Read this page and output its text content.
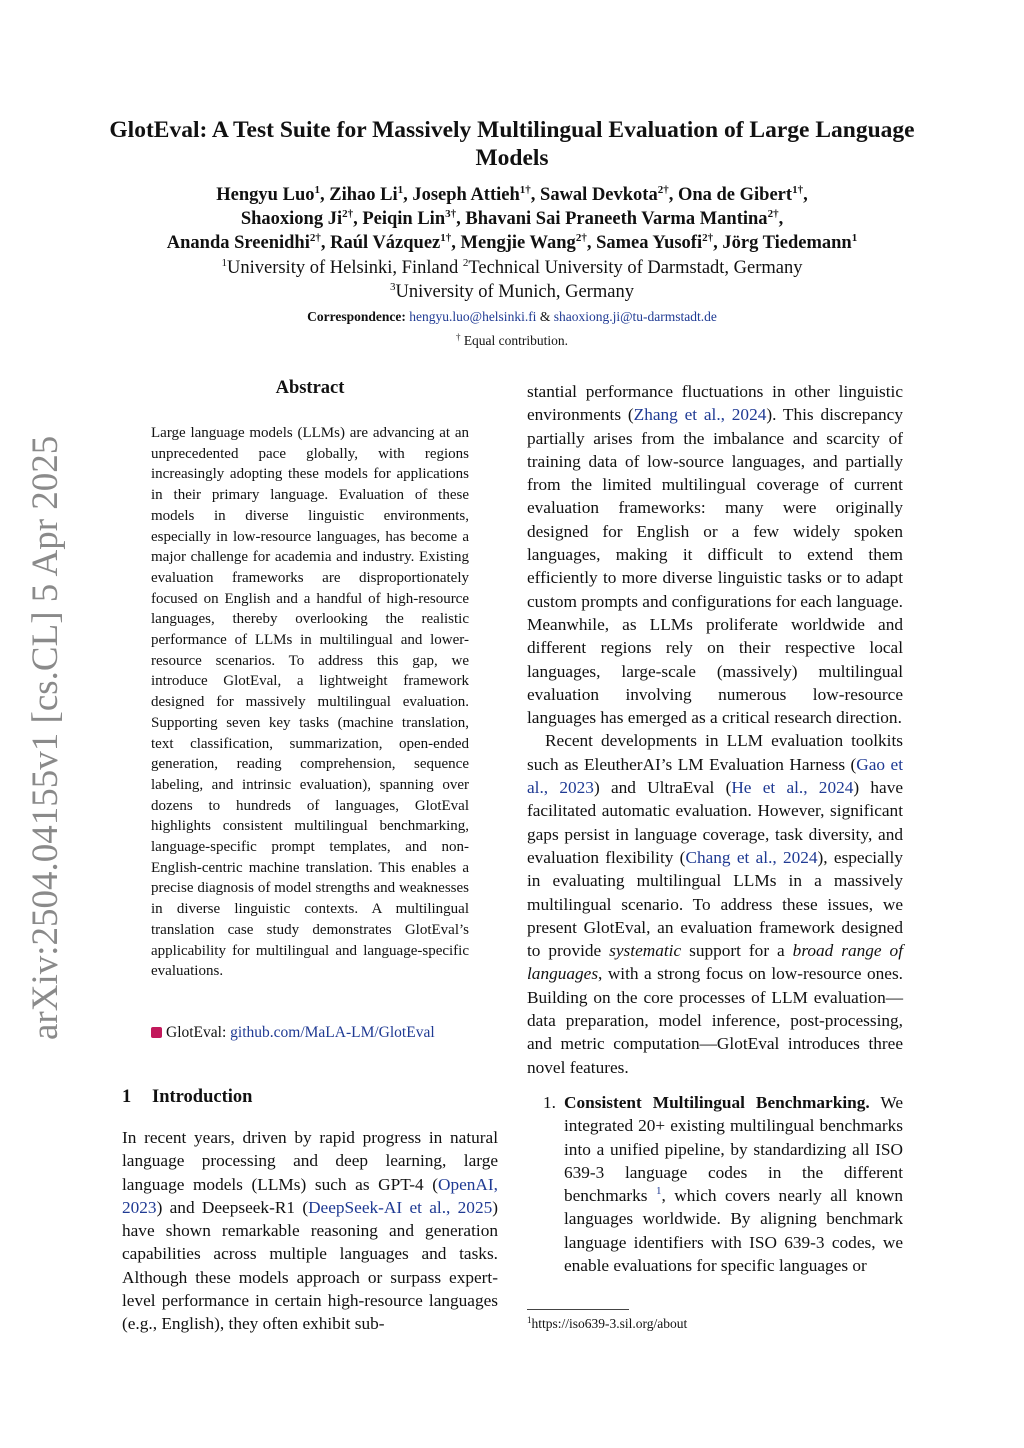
arXiv:2504.04155v1 [cs.CL] 5 Apr 2025
GlotEval: A Test Suite for Massively Multilingual Evaluation of Large Language Models
Hengyu Luo$^1$, Zihao Li$^1$, Joseph Attieh$^{1\dagger}$, Sawal Devkota$^{2\dagger}$, Ona de Gibert$^{1\dagger}$,
Shaoxiong $Ji^{2\dagger}$, Peiqin Lin$^{3\dagger}$, Bhavani Sai Praneeth Varma Mantina$^{2\dagger}$,
Ananda Sreenidhi$^{2\dagger}$, Raúl Vázquez$^{1\dagger}$, Mengjie Wang$^{2\dagger}$, Samea Yusofi$^{2\dagger}$, Jörg Tiedemann$^1$
$^1$University of Helsinki, Finland $^2$Technical University of Darmstadt, Germany
$^3$University of Munich, Germany
Correspondence: hengyu.luo@helsinki.fi & shaoxiong.ji@tu-darmstadt.de
† Equal contribution.
Abstract
Large language models (LLMs) are advancing at an unprecedented pace globally, with regions increasingly adopting these models for applications in their primary language. Evaluation of these models in diverse linguistic environments, especially in low-resource languages, has become a major challenge for academia and industry. Existing evaluation frameworks are disproportionately focused on English and a handful of high-resource languages, thereby overlooking the realistic performance of LLMs in multilingual and lower-resource scenarios. To address this gap, we introduce GlotEval, a lightweight framework designed for massively multilingual evaluation. Supporting seven key tasks (machine translation, text classification, summarization, open-ended generation, reading comprehension, sequence labeling, and intrinsic evaluation), spanning over dozens to hundreds of languages, GlotEval highlights consistent multilingual benchmarking, language-specific prompt templates, and non-English-centric machine translation. This enables a precise diagnosis of model strengths and weaknesses in diverse linguistic contexts. A multilingual translation case study demonstrates GlotEval’s applicability for multilingual and language-specific evaluations.
GlotEval: github.com/MaLA-LM/GlotEval
1 Introduction
In recent years, driven by rapid progress in natural language processing and deep learning, large language models (LLMs) such as GPT-4 (OpenAI, 2023) and Deepseek-R1 (DeepSeek-AI et al., 2025) have shown remarkable reasoning and generation capabilities across multiple languages and tasks. Although these models approach or surpass expert-level performance in certain high-resource languages (e.g., English), they often exhibit sub-

stantial performance fluctuations in other linguistic environments (Zhang et al., 2024). This discrepancy partially arises from the imbalance and scarcity of training data of low-source languages, and partially from the limited multilingual coverage of current evaluation frameworks: many were originally designed for English or a few widely spoken languages, making it difficult to extend them efficiently to more diverse linguistic tasks or to adapt custom prompts and configurations for each language. Meanwhile, as LLMs proliferate worldwide and different regions rely on their respective local languages, large-scale (massively) multilingual evaluation involving numerous low-resource languages has emerged as a critical research direction.

Recent developments in LLM evaluation toolkits such as EleutherAI’s LM Evaluation Harness (Gao et al., 2023) and UltraEval (He et al., 2024) have facilitated automatic evaluation. However, significant gaps persist in language coverage, task diversity, and evaluation flexibility (Chang et al., 2024), especially in evaluating multilingual LLMs in a massively multilingual scenario. To address these issues, we present GlotEval, an evaluation framework designed to provide systematic support for a broad range of languages, with a strong focus on low-resource ones. Building on the core processes of LLM evaluation—data preparation, model inference, post-processing, and metric computation—GlotEval introduces three novel features.

1. Consistent Multilingual Benchmarking. We integrated 20+ existing multilingual benchmarks into a unified pipeline, by standardizing all ISO 639-3 language codes in the different benchmarks $^1$, which covers nearly all known languages worldwide. By aligning benchmark language identifiers with ISO 639-3 codes, we enable evaluations for specific languages or
$^1$https://iso639-3.sil.org/about
